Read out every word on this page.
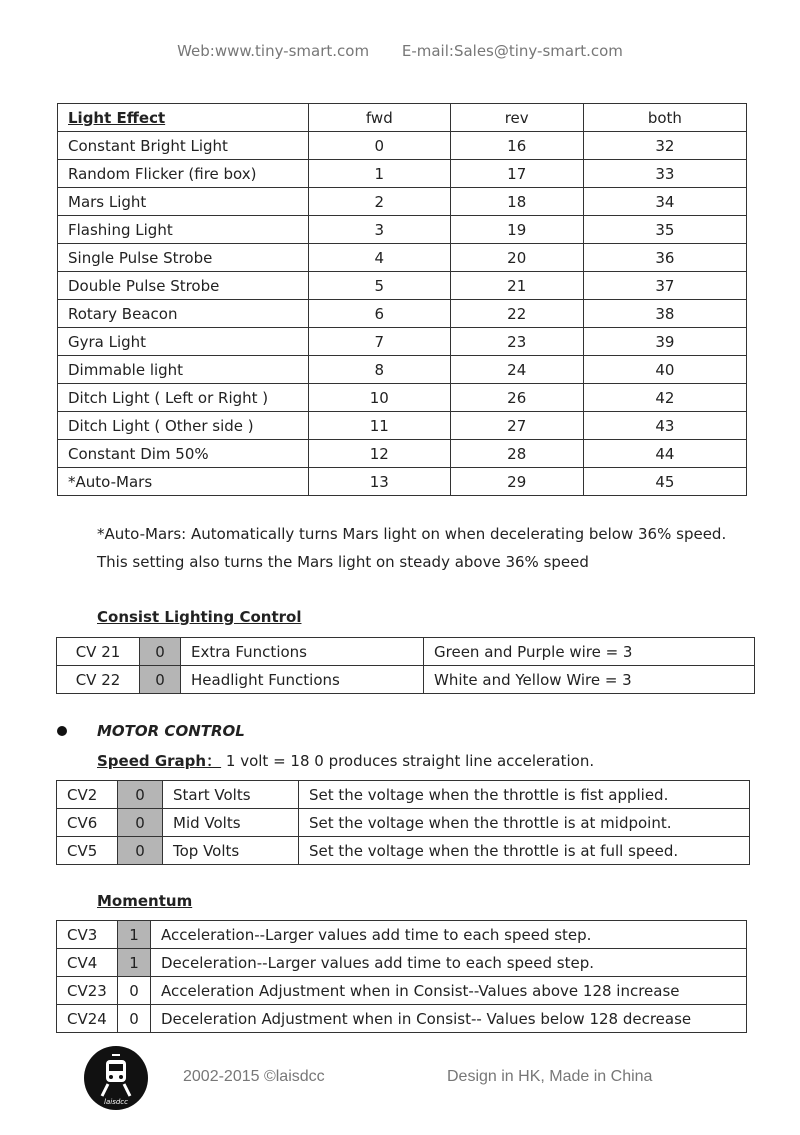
Web:www.tiny-smart.com E-mail:Sales@tiny-smart.com
Light Effect	fwd	rev	both
Constant Bright Light	0	16	32
Random Flicker (fire box)	1	17	33
Mars Light	2	18	34
Flashing Light	3	19	35
Single Pulse Strobe	4	20	36
Double Pulse Strobe	5	21	37
Rotary Beacon	6	22	38
Gyra Light	7	23	39
Dimmable light	8	24	40
Ditch Light ( Left or Right )	10	26	42
Ditch Light ( Other side )	11	27	43
Constant Dim 50%	12	28	44
*Auto-Mars	13	29	45
*Auto-Mars: Automatically turns Mars light on when decelerating below 36% speed.
This setting also turns the Mars light on steady above 36% speed
Consist Lighting Control
CV 21	0	Extra Functions	Green and Purple wire = 3
CV 22	0	Headlight Functions	White and Yellow Wire = 3
MOTOR CONTROL
Speed Graph： 1 volt = 18 0 produces straight line acceleration.
CV2	0	Start Volts	Set the voltage when the throttle is fist applied.
CV6	0	Mid Volts	Set the voltage when the throttle is at midpoint.
CV5	0	Top Volts	Set the voltage when the throttle is at full speed.
Momentum
CV3	1	Acceleration--Larger values add time to each speed step.
CV4	1	Deceleration--Larger values add time to each speed step.
CV23	0	Acceleration Adjustment when in Consist--Values above 128 increase
CV24	0	Deceleration Adjustment when in Consist-- Values below 128 decrease
laisdcc
2002-2015 ©laisdcc	Design in HK, Made in China
